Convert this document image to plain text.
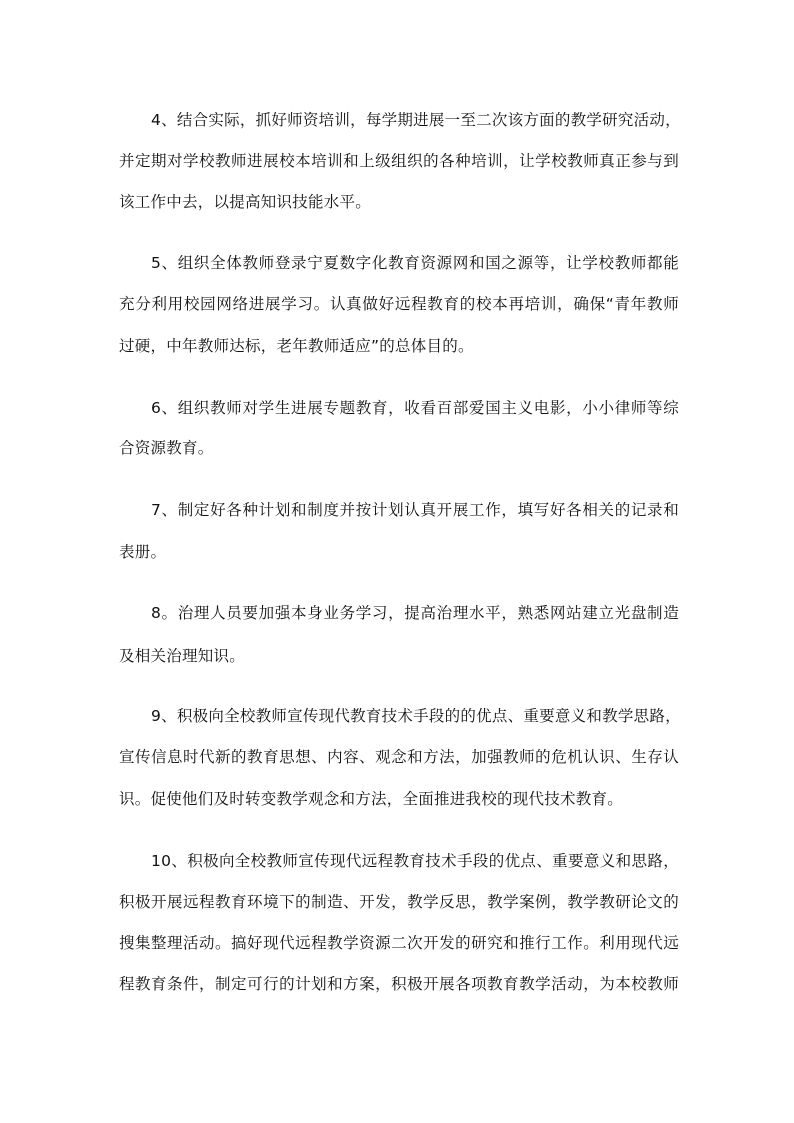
4、结合实际，抓好师资培训，每学期进展一至二次该方面的教学研究活动，
并定期对学校教师进展校本培训和上级组织的各种培训，让学校教师真正参与到
该工作中去，以提高知识技能水平。
5、组织全体教师登录宁夏数字化教育资源网和国之源等，让学校教师都能
充分利用校园网络进展学习。认真做好远程教育的校本再培训，确保“青年教师
过硬，中年教师达标，老年教师适应”的总体目的。
6、组织教师对学生进展专题教育，收看百部爱国主义电影，小小律师等综
合资源教育。
7、制定好各种计划和制度并按计划认真开展工作，填写好各相关的记录和
表册。
8。治理人员要加强本身业务学习，提高治理水平，熟悉网站建立光盘制造
及相关治理知识。
9、积极向全校教师宣传现代教育技术手段的的优点、重要意义和教学思路，
宣传信息时代新的教育思想、内容、观念和方法，加强教师的危机认识、生存认
识。促使他们及时转变教学观念和方法，全面推进我校的现代技术教育。
10、积极向全校教师宣传现代远程教育技术手段的优点、重要意义和思路，
积极开展远程教育环境下的制造、开发，教学反思，教学案例，教学教研论文的
搜集整理活动。搞好现代远程教学资源二次开发的研究和推行工作。利用现代远
程教育条件，制定可行的计划和方案，积极开展各项教育教学活动，为本校教师
